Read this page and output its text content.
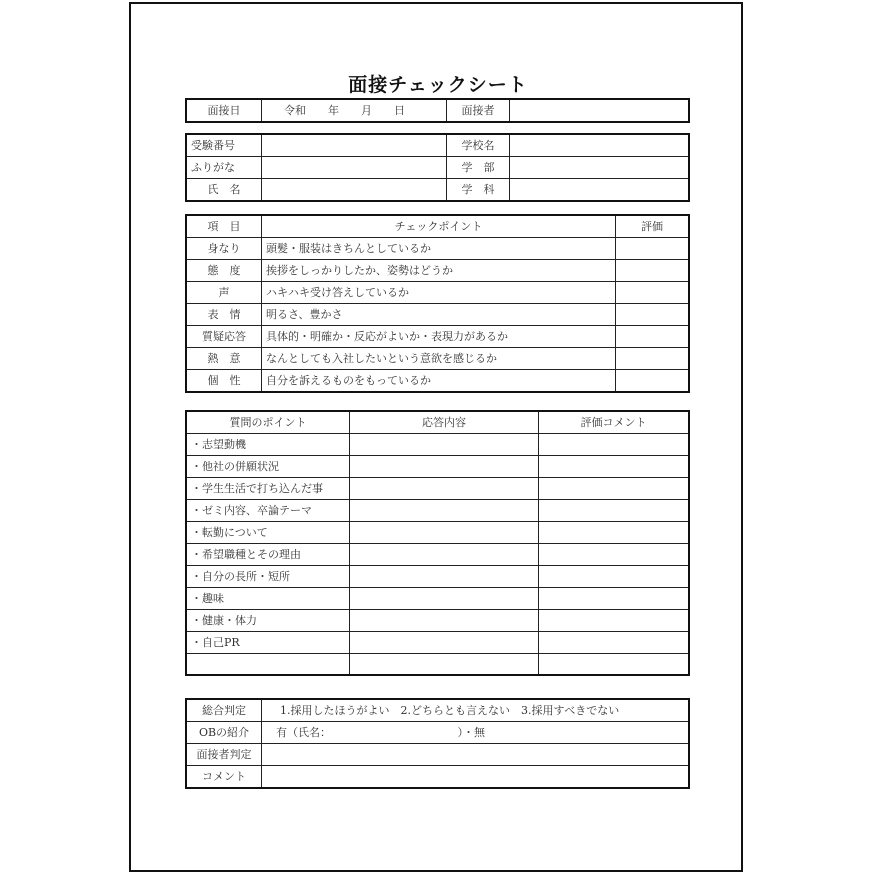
面接チェックシート
面接日	令和　　年　　月　　日	面接者	
受験番号		学校名	
ふりがな		学　部	
氏　名		学　科	
項　目	チェックポイント	評価
身なり	頭髪・服装はきちんとしているか	
態　度	挨拶をしっかりしたか、姿勢はどうか	
声	ハキハキ受け答えしているか	
表　情	明るさ、豊かさ	
質疑応答	具体的・明確か・反応がよいか・表現力があるか	
熱　意	なんとしても入社したいという意欲を感じるか	
個　性	自分を訴えるものをもっているか	
質問のポイント	応答内容	評価コメント
・志望動機		
・他社の併願状況		
・学生生活で打ち込んだ事		
・ゼミ内容、卒論テーマ		
・転勤について		
・希望職種とその理由		
・自分の長所・短所		
・趣味		
・健康・体力		
・自己PR		

総合判定	1.採用したほうがよい　2.どちらとも言えない　3.採用すべきでない
OBの紹介	有（氏名：　　　　　　　　　　　　）・無
面接者判定	
コメント	
